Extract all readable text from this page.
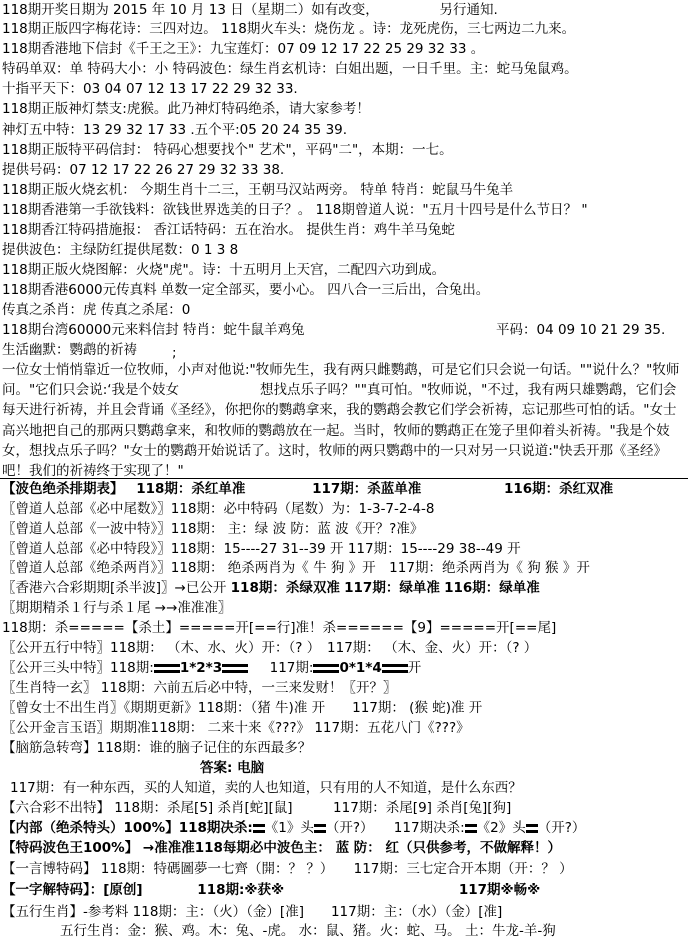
118期开奖日期为 2015 年 10 月 13 日（星期二）如有改变，　　　　　另行通知.
118期正版四字梅花诗：三四对边。 118期火车头：烧伤龙 。诗：龙死虎伤，三七两边二九来。
118期香港地下信封《千王之王》：九宝莲灯：07 09 12 17 22 25 29 32 33 。
特码单双：单 特码大小：小 特码波色：绿生肖玄机诗：白姐出题，一日千里。主：蛇马兔鼠鸡。
十指平天下：03 04 07 12 13 17 22 29 32 33.
118期正版神灯禁支:虎猴。此乃神灯特码绝杀，请大家参考！
神灯五中特：13 29 32 17 33 .五个平:05 20 24 35 39.
118期正版特平码信封： 特码心想要找个" 艺术"，平码"二"，本期：一七。
提供号码：07 12 17 22 26 27 29 32 33 38.
118期正版火烧玄机： 今期生肖十二三，王朝马汉站两旁。 特单 特肖：蛇鼠马牛兔羊
118期香港第一手欲钱料：欲钱世界选美的日子？。 118期曾道人说："五月十四号是什么节日？ "
118期香江特码措施报： 香江话特码：五在治水。 提供生肖：鸡牛羊马兔蛇
提供波色：主绿防红提供尾数：0 1 3 8
118期正版火烧图解：火烧"虎"。诗：十五明月上天宫，二配四六功到成。
118期香港6000元传真料 单数一定全部买，要小心。 四八合一三后出，合兔出。
传真之杀肖：虎 传真之杀尾：0
118期台湾60000元来料信封 特肖：蛇牛鼠羊鸡兔	平码：04 09 10 21 29 35.
生活幽默：鹦鹉的祈祷	;
一位女士悄悄靠近一位牧师，小声对他说:"牧师先生，我有两只雌鹦鹉，可是它们只会说一句话。""说什么？"牧师问。"它们只会说:‘我是个妓女　　　　　　想找点乐子吗？""真可怕。"牧师说，"不过，我有两只雄鹦鹉，它们会每天进行祈祷，并且会背诵《圣经》，你把你的鹦鹉拿来，我的鹦鹉会教它们学会祈祷，忘记那些可怕的话。"女士高兴地把自己的那两只鹦鹉拿来，和牧师的鹦鹉放在一起。当时，牧师的鹦鹉正在笼子里仰着头祈祷。"我是个妓女，想找点乐子吗？"女士的鹦鹉开始说话了。这时，牧师的两只鹦鹉中的一只对另一只说道:"快丢开那《圣经》吧！我们的祈祷终于实现了！"
【波色绝杀排期表】 118期：杀红单准	117期：杀蓝单准	116期：杀红双准
〖曾道人总部《必中尾数》〗118期：必中特码（尾数）为：1-3-7-2-4-8
〖曾道人总部《一波中特》〗118期： 主：绿 波 防：蓝 波《开？?准》
〖曾道人总部《必中特段》〗118期：15----27 31--39 开 117期：15----29 38--49 开
〖曾道人总部《绝杀两肖》〗118期： 绝杀两肖为《 牛 狗 》开　117期：绝杀两肖为《 狗 猴 》开
〖香港六合彩期期[杀半波]〗→已公开 118期：杀绿双准 117期：绿单准 116期：绿单准
〖期期精杀１行与杀１尾 →→准准准〗
118期：杀=====【杀土】=====开[==行]准！杀======【9】=====开[==尾]
〖公开五行中特〗118期： （木、水、火）开：（? ）　117期： （木、金、火）开：（? ）
〖公开三头中特〗118期: 1*2*3	117期: 0*1*4 开
〖生肖特一玄〗 118期：六前五后必中特，一三来发财！〖开？〗
〖曾女士不出生肖〗《期期更新》118期：（猪 牛)准 开　　117期： (猴 蛇)准 开
〖公开金言玉语〗期期准118期： 二来十来《???》 117期：五花八门《???》
【脑筋急转弯】118期：谁的脑子记住的东西最多？
答案: 电脑
117期：有一种东西，买的人知道，卖的人也知道，只有用的人不知道，是什么东西？
【六合彩不出特】 118期：杀尾[5] 杀肖[蛇][鼠]　　　117期：杀尾[9] 杀肖[兔][狗]
【内部（绝杀特头）100%】118期决杀: 《1》头 （开?）　　117期决杀: 《2》头 （开?）
【特码波色王100%】 →准准准118每期必中波色主： 蓝 防： 红（只供参考，不做解释！）
【一言博特码】 118期：特碼圖夢一七齊（開：？ ？）　　117期：三七定合开本期（开：？ ）
【一字解特码】：[原创]	118期:※获※	117期※畅※
【五行生肖】-参考料 118期：主：（火）（金）[准]　　117期：主：（水）（金）[准]
五行生肖：金：猴、鸡。木：兔、-虎。 水：鼠、猪。火：蛇、马。 土：牛龙-羊-狗
